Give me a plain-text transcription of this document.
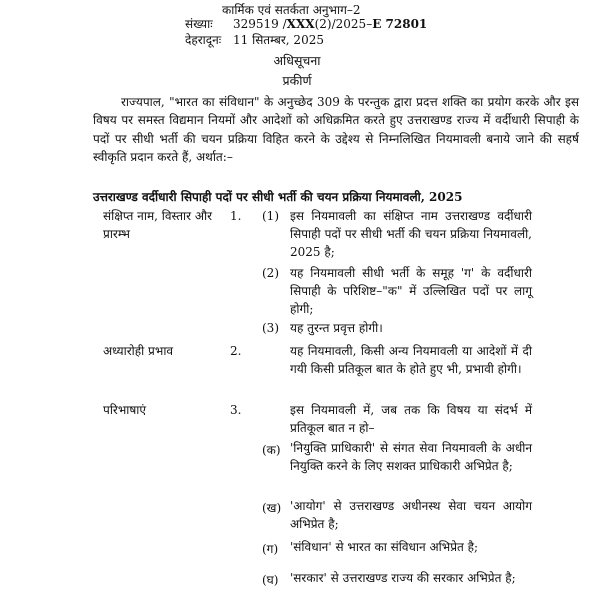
कार्मिक एवं सतर्कता अनुभाग–2
संख्याः 329519 /XXX(2)/2025–E 72801
देहरादूनः 11 सितम्बर, 2025
अधिसूचना
प्रकीर्ण

राज्यपाल, "भारत का संविधान" के अनुच्छेद 309 के परन्तुक द्वारा प्रदत्त शक्ति का प्रयोग करके और इस विषय पर समस्त विद्यमान नियमों और आदेशों को अधिक्रमित करते हुए उत्तराखण्ड राज्य में वर्दीधारी सिपाही के पदों पर सीधी भर्ती की चयन प्रक्रिया विहित करने के उद्देश्य से निम्नलिखित नियमावली बनाये जाने की सहर्ष स्वीकृति प्रदान करते हैं, अर्थात:–

उत्तराखण्ड वर्दीधारी सिपाही पदों पर सीधी भर्ती की चयन प्रक्रिया नियमावली, 2025
संक्षिप्त नाम, विस्तार और प्रारम्भ
1. (1) इस नियमावली का संक्षिप्त नाम उत्तराखण्ड वर्दीधारी सिपाही पदों पर सीधी भर्ती की चयन प्रक्रिया नियमावली, 2025 है;

(2) यह नियमावली सीधी भर्ती के समूह 'ग' के वर्दीधारी सिपाही के परिशिष्ट–"क" में उल्लिखित पदों पर लागू होगी;

(3) यह तुरन्त प्रवृत्त होगी।

अध्यारोही प्रभाव	2.	यह नियमावली, किसी अन्य नियमावली या आदेशों में दी गयी किसी प्रतिकूल बात के होते हुए भी, प्रभावी होगी।

परिभाषाएं	3.	इस नियमावली में, जब तक कि विषय या संदर्भ में प्रतिकूल बात न हो–

(क) 'नियुक्ति प्राधिकारी' से संगत सेवा नियमावली के अधीन नियुक्ति करने के लिए सशक्त प्राधिकारी अभिप्रेत है;

(ख) 'आयोग' से उत्तराखण्ड अधीनस्थ सेवा चयन आयोग अभिप्रेत है;

(ग) 'संविधान' से भारत का संविधान अभिप्रेत है;

(घ) 'सरकार' से उत्तराखण्ड राज्य की सरकार अभिप्रेत है;
